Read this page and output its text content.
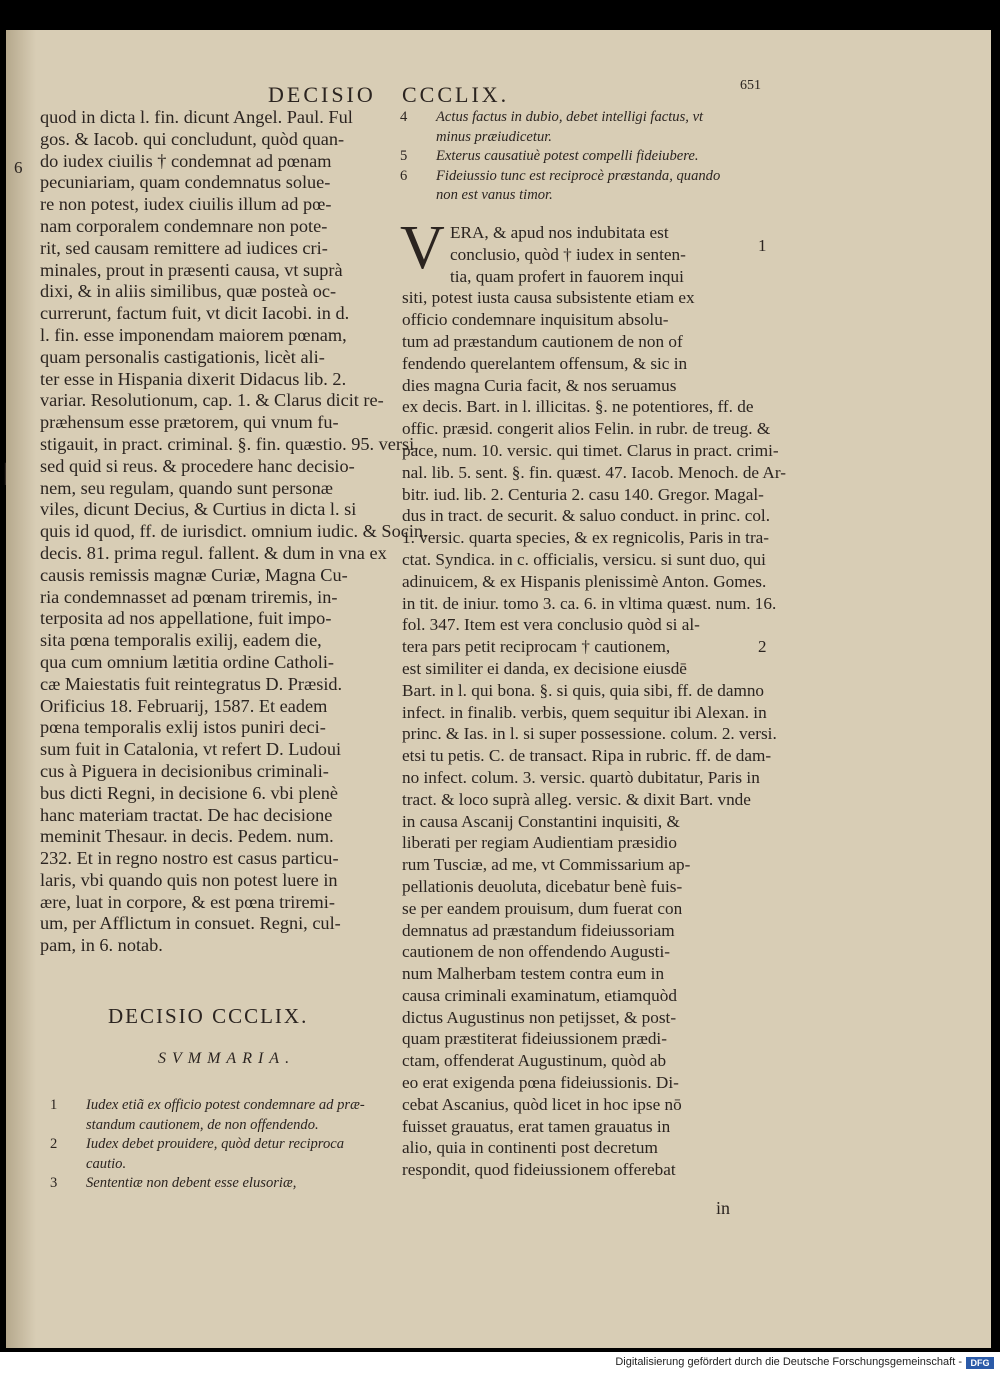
DECISIO CCCLIX.	651
6
|
quod in dicta l. fin. dicunt Angel. Paul. Ful
gos. & Iacob. qui concludunt, quòd quan-
do iudex ciuilis † condemnat ad pœnam
pecuniariam, quam condemnatus soluе-
re non potest, iudex ciuilis illum ad pœ-
nam corporalem condemnare non pote-
rit, sed causam remittere ad iudices cri-
minales, prout in præsenti causa, vt suprà
dixi, & in aliis similibus, quæ posteà oc-
currerunt, factum fuit, vt dicit Iacobi. in d.
l. fin. esse imponendam maiorem pœnam,
quam personalis castigationis, licèt ali-
ter esse in Hispania dixerit Didacus lib. 2.
variar. Resolutionum, cap. 1. & Clarus dicit re-
præhensum esse prætorem, qui vnum fu-
stigauit, in pract. criminal. §. fin. quæstio. 95. versi.
sed quid si reus. & procedere hanc decisio-
nem, seu regulam, quando sunt personæ
viles, dicunt Decius, & Curtius in dicta l. si
quis id quod, ff. de iurisdict. omnium iudic. & Socin.
decis. 81. prima regul. fallent. & dum in vna ex
causis remissis magnæ Curiæ, Magna Cu-
ria condemnasset ad pœnam triremis, in-
terposita ad nos appellatione, fuit impo-
sita pœna temporalis exilij, eadem die,
qua cum omnium lætitia ordine Catholi-
cæ Maiestatis fuit reintegratus D. Præsid.
Orificius 18. Februarij, 1587. Et eadem
pœna temporalis exlij istos puniri deci-
sum fuit in Catalonia, vt refert D. Ludoui
cus à Piguera in decisionibus criminali-
bus dicti Regni, in decisione 6. vbi plenè
hanc materiam tractat. De hac decisione
meminit Thesaur. in decis. Pedem. num.
232. Et in regno nostro est casus particu-
laris, vbi quando quis non potest luere in
ære, luat in corpore, & est pœna triremi-
um, per Afflictum in consuet. Regni, cul-
pam, in 6. notab.
DECISIO CCCLIX.
SVMMARIA.
1 Iudex etiã ex officio potest condemnare ad præ-
standum cautionem, de non offendendo.
2 Iudex debet prouidere, quòd detur reciproca
cautio.
3 Sententiæ non debent esse elusoriæ,
4 Actus factus in dubio, debet intelligi factus, vt
minus præiudicetur.
5 Exterus causatiuè potest compelli fideiubere.
6 Fideiussio tunc est reciprocè præstanda, quando
non est vanus timor.
V ERA, & apud nos indubitata est
conclusio, quòd † iudex in senten-
tia, quam profert in fauorem inqui
siti, potest iusta causa subsistente etiam ex
officio condemnare inquisitum absolu-
tum ad præstandum cautionem de non of
fendendo querelantem offensum, & sic in
dies magna Curia facit, & nos seruamus
ex decis. Bart. in l. illicitas. §. ne potentiores, ff. de
offic. præsid. congerit alios Felin. in rubr. de treug. &
pace, num. 10. versic. qui timet. Clarus in pract. crimi-
nal. lib. 5. sent. §. fin. quæst. 47. Iacob. Menoch. de Ar-
bitr. iud. lib. 2. Centuria 2. casu 140. Gregor. Magal-
dus in tract. de securit. & saluo conduct. in princ. col.
1. versic. quarta species, & ex regnicolis, Paris in tra-
ctat. Syndica. in c. officialis, versicu. si sunt duo, qui
adinuicem, & ex Hispanis plenissimè Anton. Gomes.
in tit. de iniur. tomo 3. ca. 6. in vltima quæst. num. 16.
fol. 347. Item est vera conclusio quòd si al-
tera pars petit reciprocam † cautionem,
est similiter ei danda, ex decisione eiusdē
Bart. in l. qui bona. §. si quis, quia sibi, ff. de damno
infect. in finalib. verbis, quem sequitur ibi Alexan. in
princ. & Ias. in l. si super possessione. colum. 2. versi.
etsi tu petis. C. de transact. Ripa in rubric. ff. de dam-
no infect. colum. 3. versic. quartò dubitatur, Paris in
tract. & loco suprà alleg. versic. & dixit Bart. vnde
in causa Ascanij Constantini inquisiti, &
liberati per regiam Audientiam præsidio
rum Tusciæ, ad me, vt Commissarium ap-
pellationis deuoluta, dicebatur benè fuis-
se per eandem prouisum, dum fuerat con
demnatus ad præstandum fideiussoriam
cautionem de non offendendo Augusti-
num Malherbam testem contra eum in
causa criminali examinatum, etiamquòd
dictus Augustinus non petijsset, & post-
quam præstiterat fideiussionem prædi-
ctam, offenderat Augustinum, quòd ab
eo erat exigenda pœna fideiussionis. Di-
cebat Ascanius, quòd licet in hoc ipse nō
fuisset grauatus, erat tamen grauatus in
alio, quia in continenti post decretum
respondit, quod fideiussionem offerebat
1
2
in
Digitalisierung gefördert durch die Deutsche Forschungsgemeinschaft - DFG
